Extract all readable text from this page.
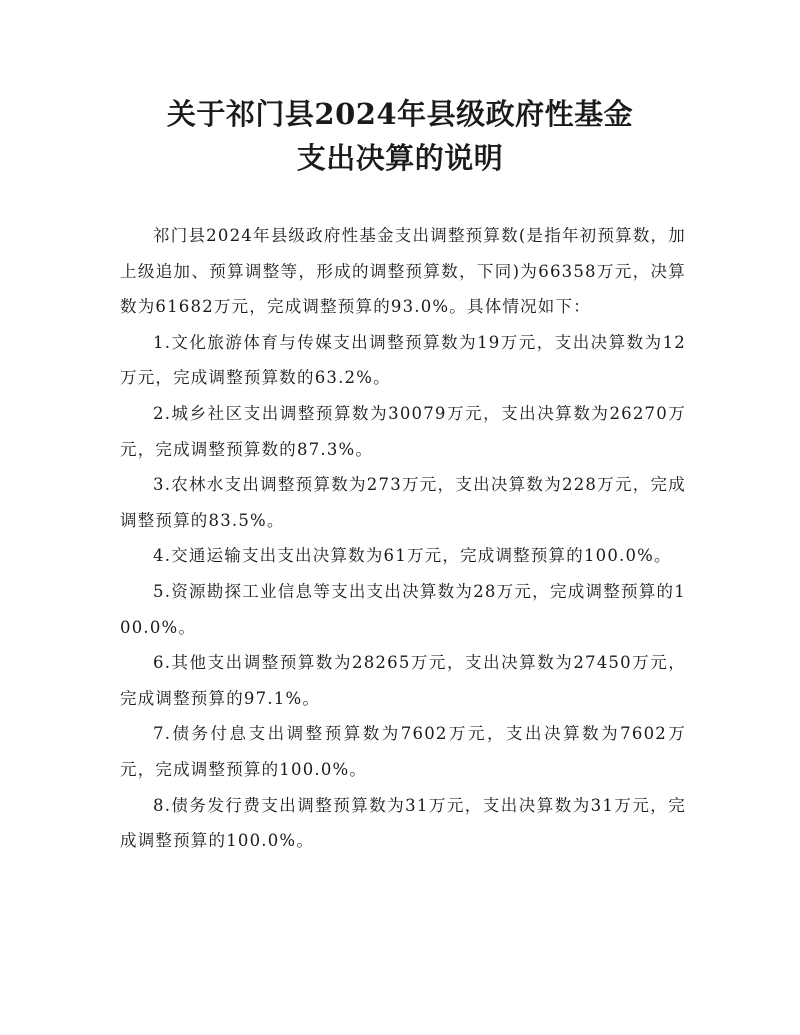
关于祁门县2024年县级政府性基金
支出决算的说明

祁门县2024年县级政府性基金支出调整预算数(是指年初预算数，加上级追加、预算调整等，形成的调整预算数，下同)为66358万元，决算数为61682万元，完成调整预算的93.0%。具体情况如下：

1.文化旅游体育与传媒支出调整预算数为19万元，支出决算数为12万元，完成调整预算数的63.2%。

2.城乡社区支出调整预算数为30079万元，支出决算数为26270万元，完成调整预算数的87.3%。

3.农林水支出调整预算数为273万元，支出决算数为228万元，完成调整预算的83.5%。

4.交通运输支出支出决算数为61万元，完成调整预算的100.0%。

5.资源勘探工业信息等支出支出决算数为28万元，完成调整预算的100.0%。

6.其他支出调整预算数为28265万元，支出决算数为27450万元，完成调整预算的97.1%。

7.债务付息支出调整预算数为7602万元，支出决算数为7602万元，完成调整预算的100.0%。

8.债务发行费支出调整预算数为31万元，支出决算数为31万元，完成调整预算的100.0%。
